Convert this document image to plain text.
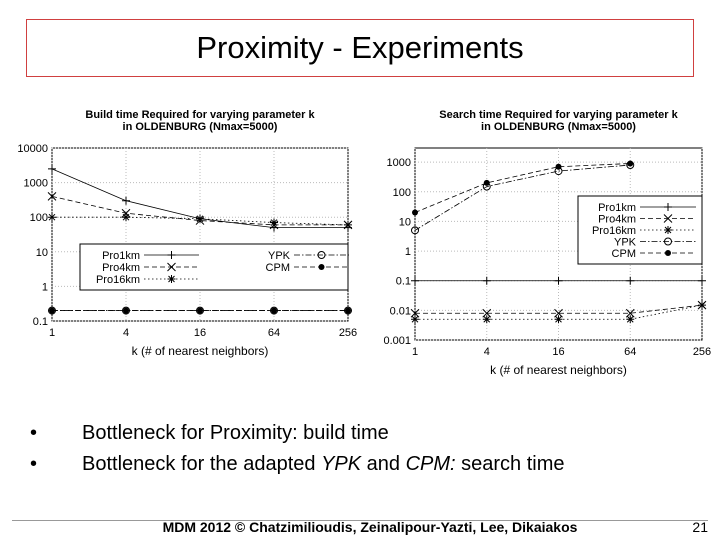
Proximity - Experiments
Build time Required for varying parameter k
in OLDENBURG (Nmax=5000)
10000
1000
100
10
1
0.1
1	4	16	64	256
k (# of nearest neighbors)
Pro1km
Pro4km
Pro16km
YPK
CPM
Search time Required for varying parameter k
in OLDENBURG (Nmax=5000)
1000
100
10
1
0.1
0.01
0.001
1	4	16	64	256
k (# of nearest neighbors)
Pro1km
Pro4km
Pro16km
YPK
CPM
•	Bottleneck for Proximity: build time
•	Bottleneck for the adapted YPK and CPM: search time
MDM 2012 © Chatzimilioudis, Zeinalipour-Yazti, Lee, Dikaiakos	21
